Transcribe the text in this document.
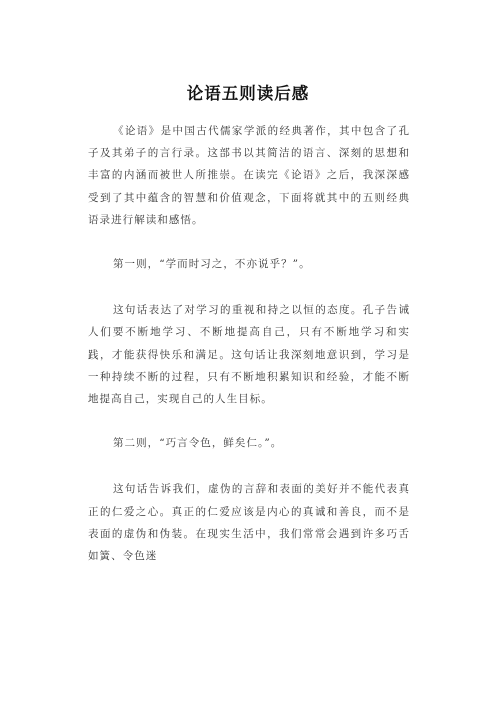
论语五则读后感

《论语》是中国古代儒家学派的经典著作，其中包含了孔子及其弟子的言行录。这部书以其简洁的语言、深刻的思想和丰富的内涵而被世人所推崇。在读完《论语》之后，我深深感受到了其中蕴含的智慧和价值观念，下面将就其中的五则经典语录进行解读和感悟。

第一则，“学而时习之，不亦说乎？”。

这句话表达了对学习的重视和持之以恒的态度。孔子告诫人们要不断地学习、不断地提高自己，只有不断地学习和实践，才能获得快乐和满足。这句话让我深刻地意识到，学习是一种持续不断的过程，只有不断地积累知识和经验，才能不断地提高自己，实现自己的人生目标。

第二则，“巧言令色，鲜矣仁。”。

这句话告诉我们，虚伪的言辞和表面的美好并不能代表真正的仁爱之心。真正的仁爱应该是内心的真诚和善良，而不是表面的虚伪和伪装。在现实生活中，我们常常会遇到许多巧舌如簧、令色迷
